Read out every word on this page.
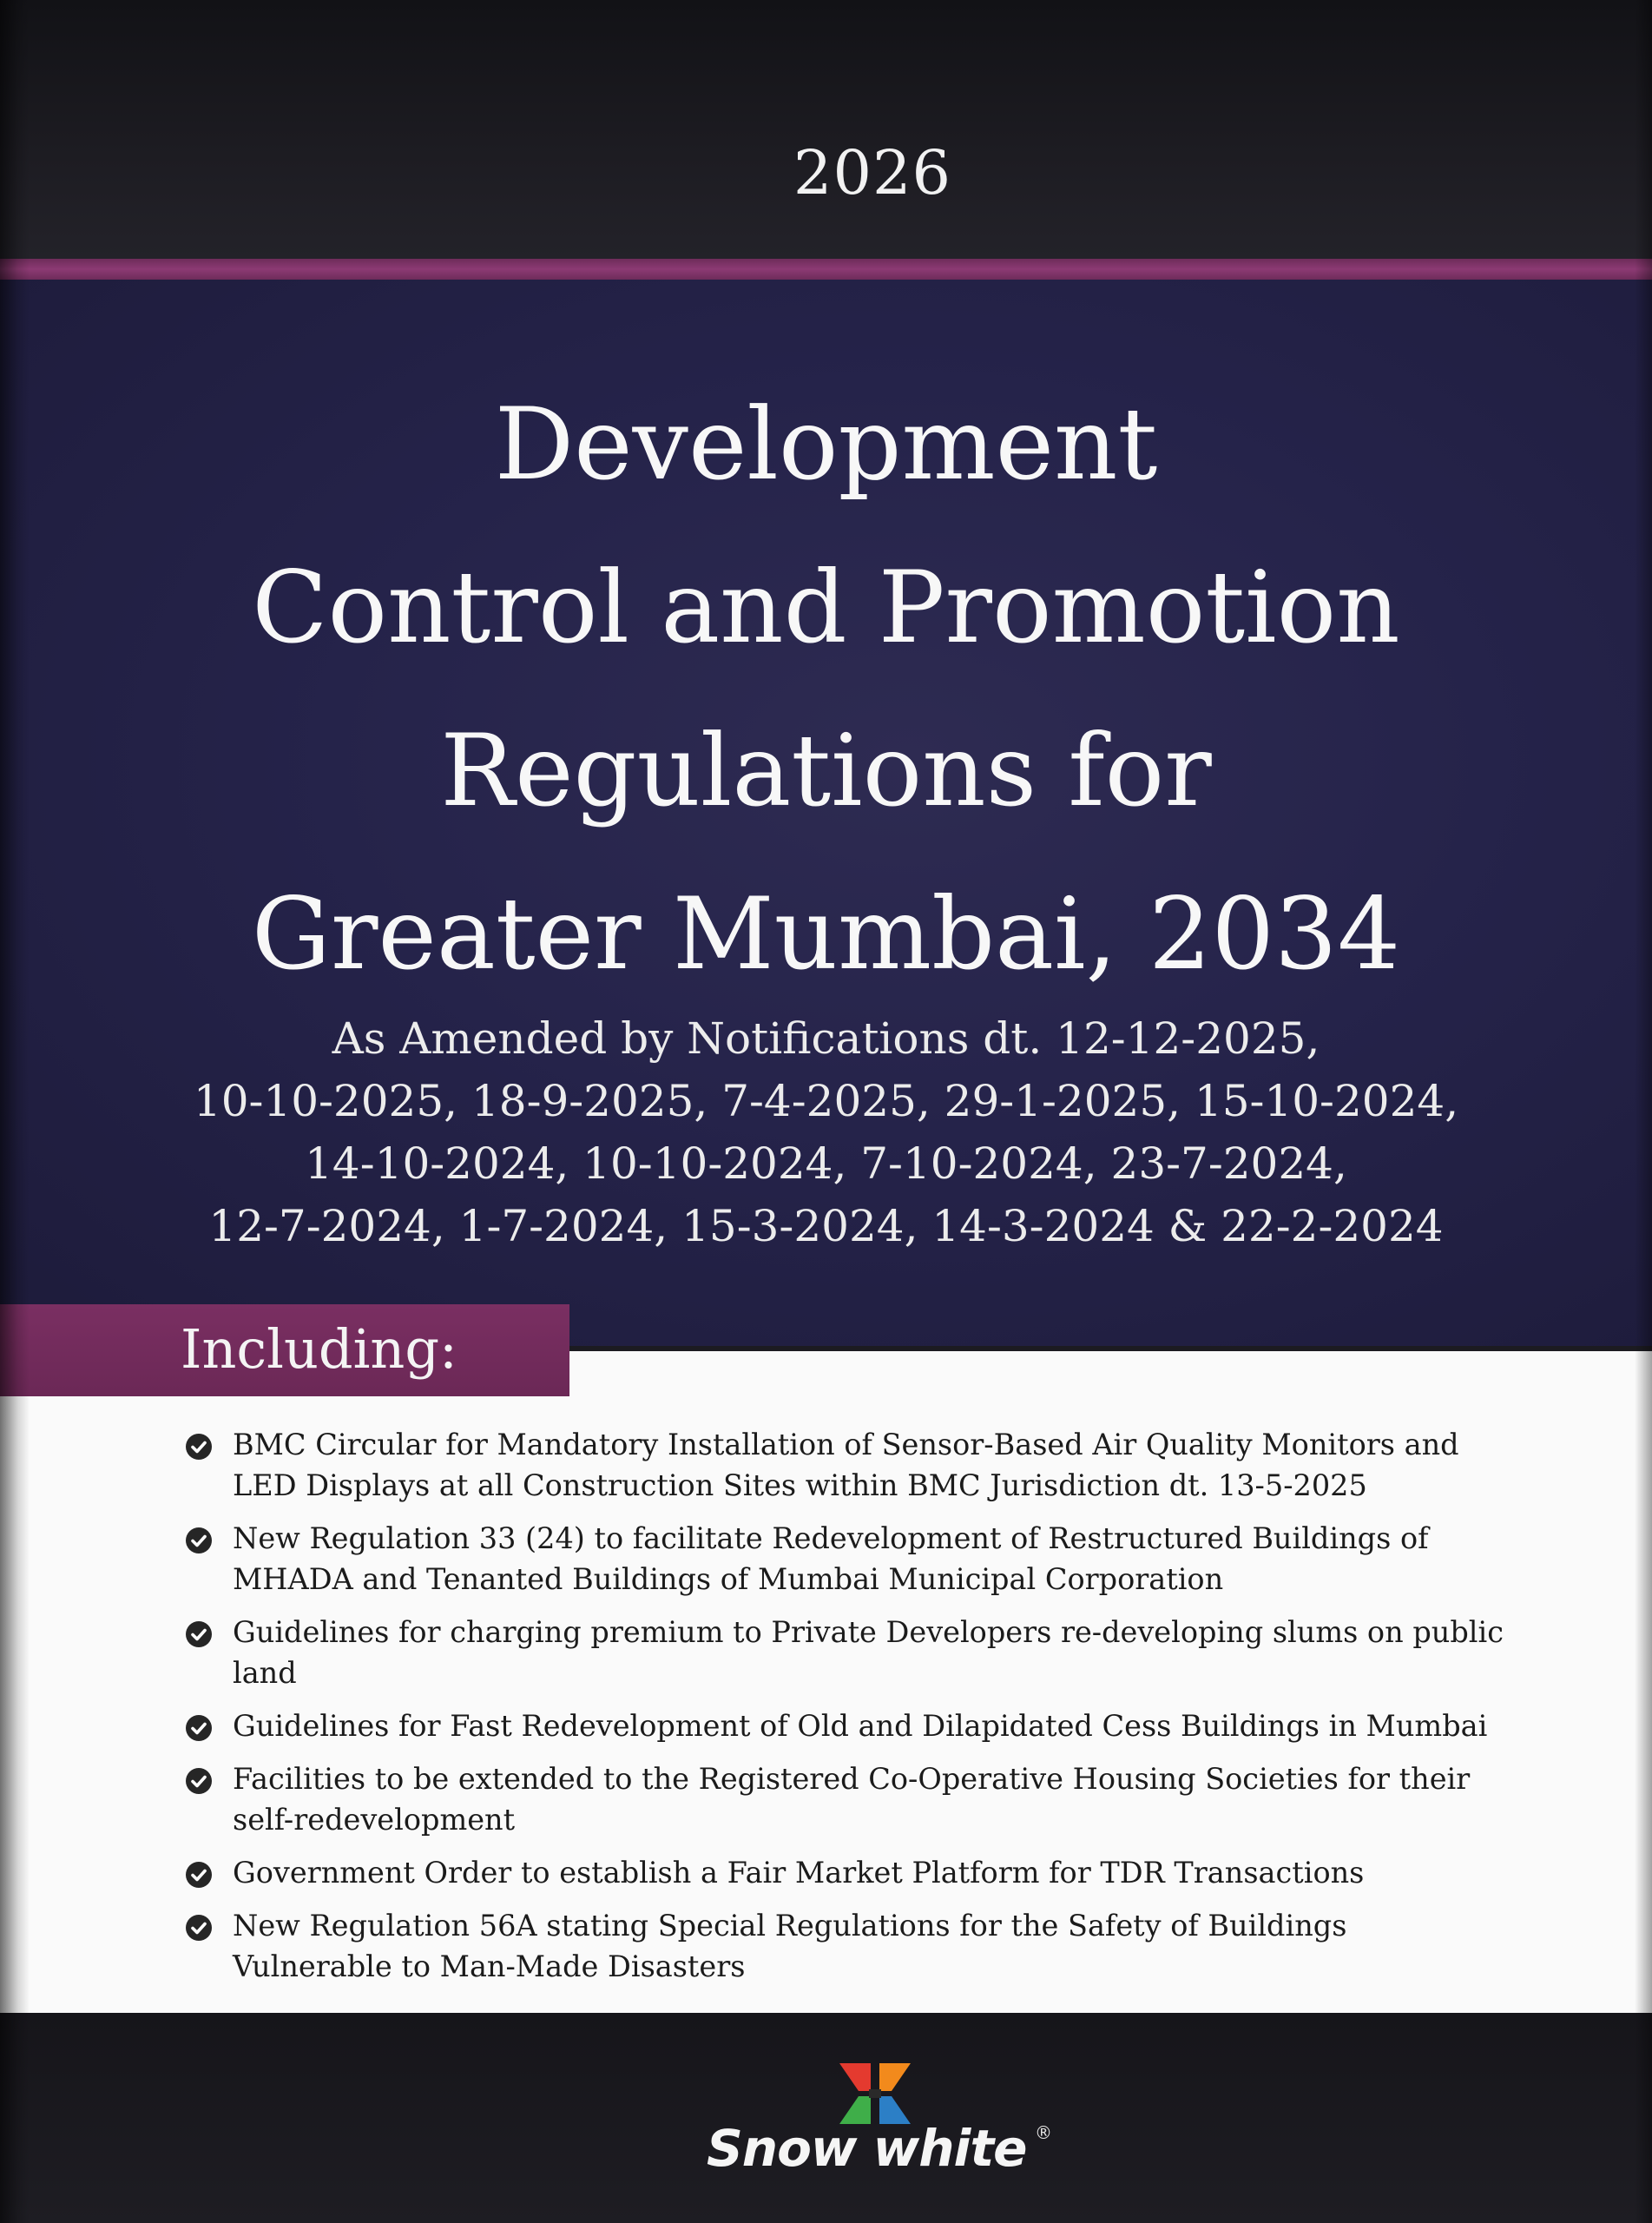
2026
Development
Control and Promotion
Regulations for
Greater Mumbai, 2034
As Amended by Notifications dt. 12-12-2025,
10-10-2025, 18-9-2025, 7-4-2025, 29-1-2025, 15-10-2024,
14-10-2024, 10-10-2024, 7-10-2024, 23-7-2024,
12-7-2024, 1-7-2024, 15-3-2024, 14-3-2024 & 22-2-2024
Including:
BMC Circular for Mandatory Installation of Sensor-Based Air Quality Monitors and LED Displays at all Construction Sites within BMC Jurisdiction dt. 13-5-2025
New Regulation 33 (24) to facilitate Redevelopment of Restructured Buildings of MHADA and Tenanted Buildings of Mumbai Municipal Corporation
Guidelines for charging premium to Private Developers re-developing slums on public land
Guidelines for Fast Redevelopment of Old and Dilapidated Cess Buildings in Mumbai
Facilities to be extended to the Registered Co-Operative Housing Societies for their self-redevelopment
Government Order to establish a Fair Market Platform for TDR Transactions
New Regulation 56A stating Special Regulations for the Safety of Buildings Vulnerable to Man-Made Disasters
Snow white ®
